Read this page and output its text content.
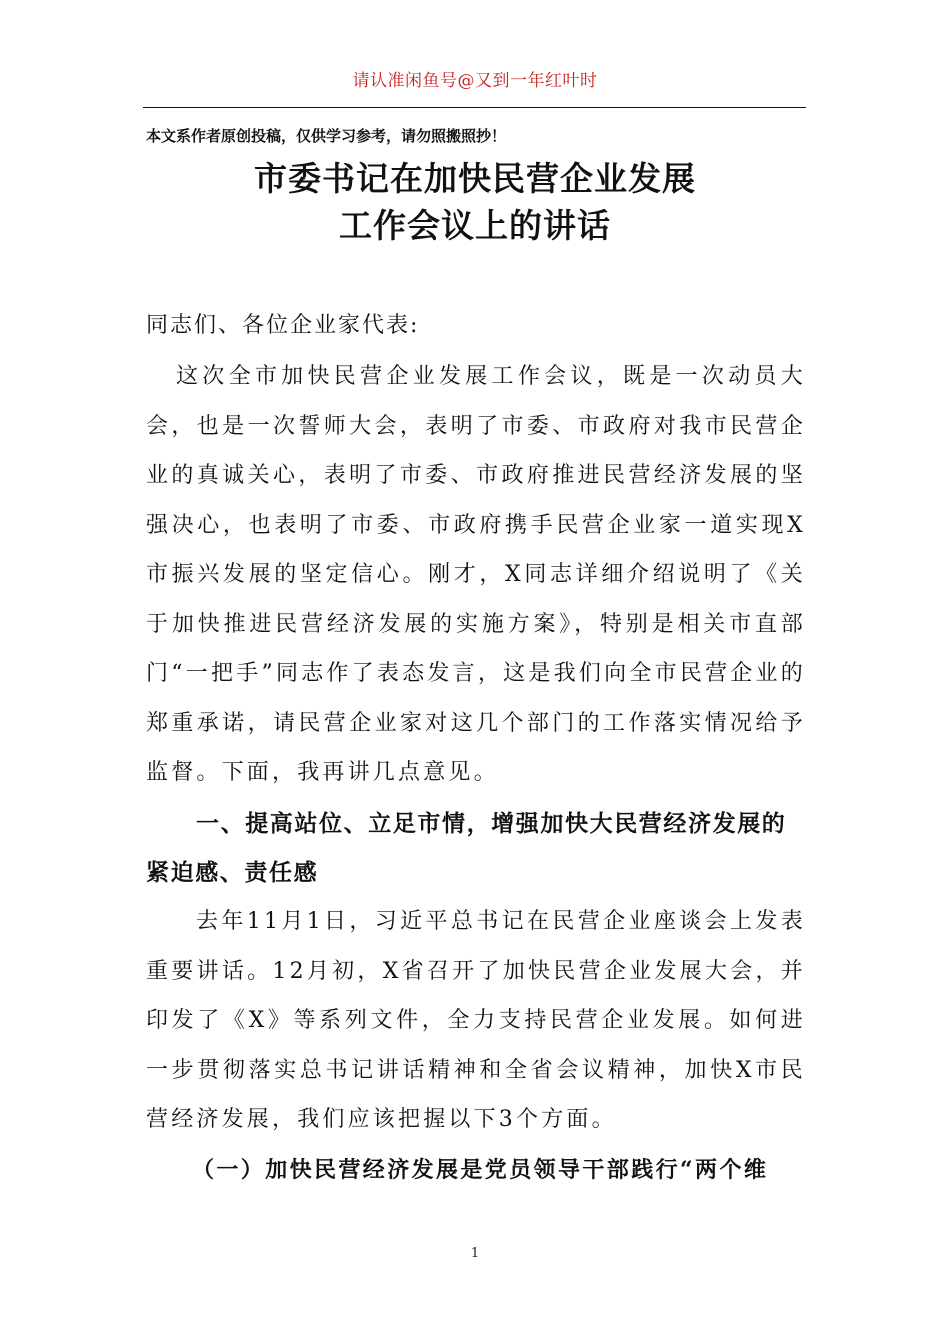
请认准闲鱼号@又到一年红叶时
本文系作者原创投稿，仅供学习参考，请勿照搬照抄！
市委书记在加快民营企业发展
工作会议上的讲话
同志们、各位企业家代表:
这次全市加快民营企业发展工作会议，既是一次动员大会，也是一次誓师大会，表明了市委、市政府对我市民营企业的真诚关心，表明了市委、市政府推进民营经济发展的坚强决心，也表明了市委、市政府携手民营企业家一道实现X市振兴发展的坚定信心。刚才，X同志详细介绍说明了《关于加快推进民营经济发展的实施方案》，特别是相关市直部门“一把手”同志作了表态发言，这是我们向全市民营企业的郑重承诺，请民营企业家对这几个部门的工作落实情况给予监督。下面，我再讲几点意见。
一、提高站位、立足市情，增强加快大民营经济发展的紧迫感、责任感
去年11月1日，习近平总书记在民营企业座谈会上发表重要讲话。12月初，X省召开了加快民营企业发展大会，并印发了《X》等系列文件，全力支持民营企业发展。如何进一步贯彻落实总书记讲话精神和全省会议精神，加快X市民营经济发展，我们应该把握以下3个方面。
（一）加快民营经济发展是党员领导干部践行“两个维
1
